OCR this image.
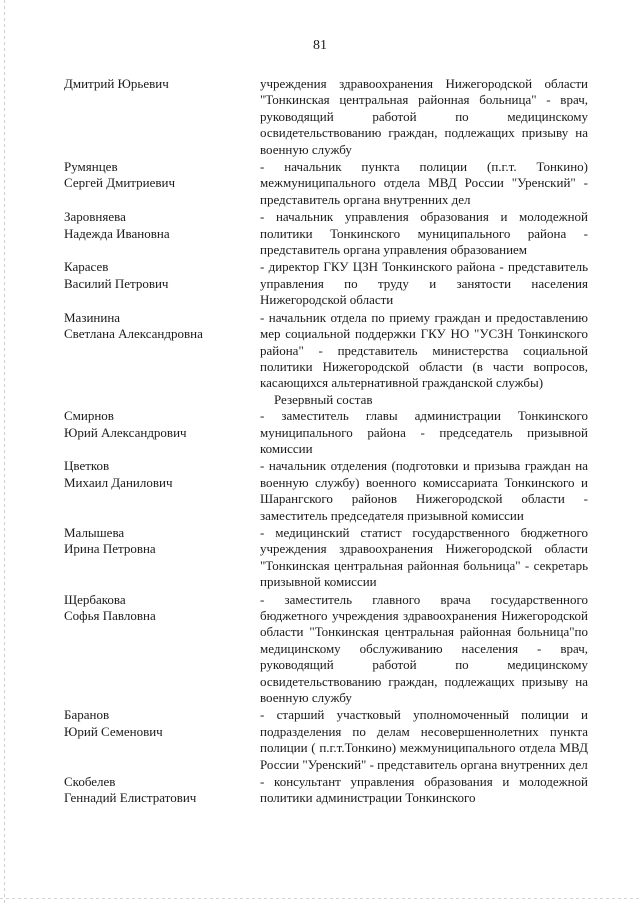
81
Дмитрий Юрьевич	учреждения здравоохранения Нижегородской области "Тонкинская центральная районная больница" - врач, руководящий работой по медицинскому освидетельствованию граждан, подлежащих призыву на военную службу
Румянцев
Сергей Дмитриевич
- начальник пункта полиции (п.г.т. Тонкино) межмуниципального отдела МВД России "Уренский" - представитель органа внутренних дел
Заровняева
Надежда Ивановна
- начальник управления образования и молодежной политики Тонкинского муниципального района - представитель органа управления образованием
Карасев
Василий Петрович
- директор ГКУ ЦЗН Тонкинского района - представитель управления по труду и занятости населения Нижегородской области
Мазинина
Светлана Александровна
- начальник отдела по приему граждан и предоставлению мер социальной поддержки ГКУ НО "УСЗН Тонкинского района" - представитель министерства социальной политики Нижегородской области (в части вопросов, касающихся альтернативной гражданской службы)
Резервный состав
Смирнов
Юрий Александрович
- заместитель главы администрации Тонкинского муниципального района - председатель призывной комиссии
Цветков
Михаил Данилович
- начальник отделения (подготовки и призыва граждан на военную службу) военного комиссариата Тонкинского и Шарангского районов Нижегородской области - заместитель председателя призывной комиссии
Малышева
Ирина Петровна
- медицинский статист государственного бюджетного учреждения здравоохранения Нижегородской области "Тонкинская центральная районная больница" - секретарь призывной комиссии
Щербакова
Софья Павловна
- заместитель главного врача государственного бюджетного учреждения здравоохранения Нижегородской области "Тонкинская центральная районная больница"по медицинскому обслуживанию населения - врач, руководящий работой по медицинскому освидетельствованию граждан, подлежащих призыву на военную службу
Баранов
Юрий Семенович
- старший участковый уполномоченный полиции и подразделения по делам несовершеннолетних пункта полиции ( п.г.т.Тонкино) межмуниципального отдела МВД России "Уренский" - представитель органа внутренних дел
Скобелев
Геннадий Елистратович
- консультант управления образования и молодежной политики администрации Тонкинского
